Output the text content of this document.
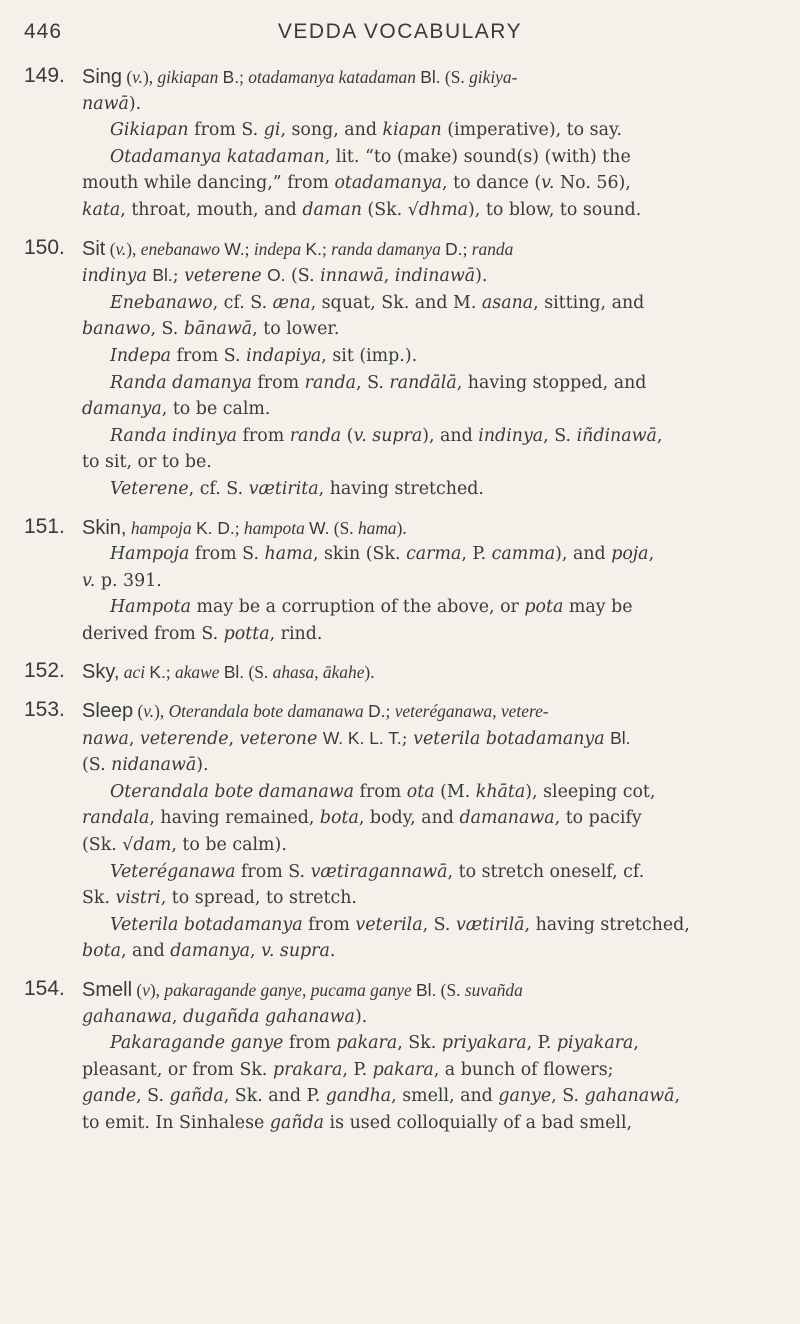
446	VEDDA VOCABULARY
149. Sing (v.), gikiapan B.; otadamanya katadaman Bl. (S. gikiya-
nawā).
Gikiapan from S. gi, song, and kiapan (imperative), to say.
Otadamanya katadaman, lit. “to (make) sound(s) (with) the
mouth while dancing,” from otadamanya, to dance (v. No. 56),
kata, throat, mouth, and daman (Sk. √dhma), to blow, to sound.
150. Sit (v.), enebanawo W.; indepa K.; randa damanya D.; randa
indinya Bl.; veterene O. (S. innawā, indinawā).
Enebanawo, cf. S. æna, squat, Sk. and M. asana, sitting, and
banawo, S. bānawā, to lower.
Indepa from S. indapiya, sit (imp.).
Randa damanya from randa, S. randālā, having stopped, and
damanya, to be calm.
Randa indinya from randa (v. supra), and indinya, S. iñdinawā,
to sit, or to be.
Veterene, cf. S. vætirita, having stretched.
151. Skin, hampoja K. D.; hampota W. (S. hama).
Hampoja from S. hama, skin (Sk. carma, P. camma), and poja,
v. p. 391.
Hampota may be a corruption of the above, or pota may be
derived from S. potta, rind.
152. Sky, aci K.; akawe Bl. (S. ahasa, ākahe).
153. Sleep (v.), Oterandala bote damanawa D.; veteréganawa, vetere-
nawa, veterende, veterone W. K. L. T.; veterila botadamanya Bl.
(S. nidanawā).
Oterandala bote damanawa from ota (M. khāta), sleeping cot,
randala, having remained, bota, body, and damanawa, to pacify
(Sk. √dam, to be calm).
Veteréganawa from S. vætiragannawā, to stretch oneself, cf.
Sk. vistri, to spread, to stretch.
Veterila botadamanya from veterila, S. vætirilā, having stretched,
bota, and damanya, v. supra.
154. Smell (v), pakaragande ganye, pucama ganye Bl. (S. suvañda
gahanawa, dugañda gahanawa).
Pakaragande ganye from pakara, Sk. priyakara, P. piyakara,
pleasant, or from Sk. prakara, P. pakara, a bunch of flowers;
gande, S. gañda, Sk. and P. gandha, smell, and ganye, S. gahanawā,
to emit. In Sinhalese gañda is used colloquially of a bad smell,
